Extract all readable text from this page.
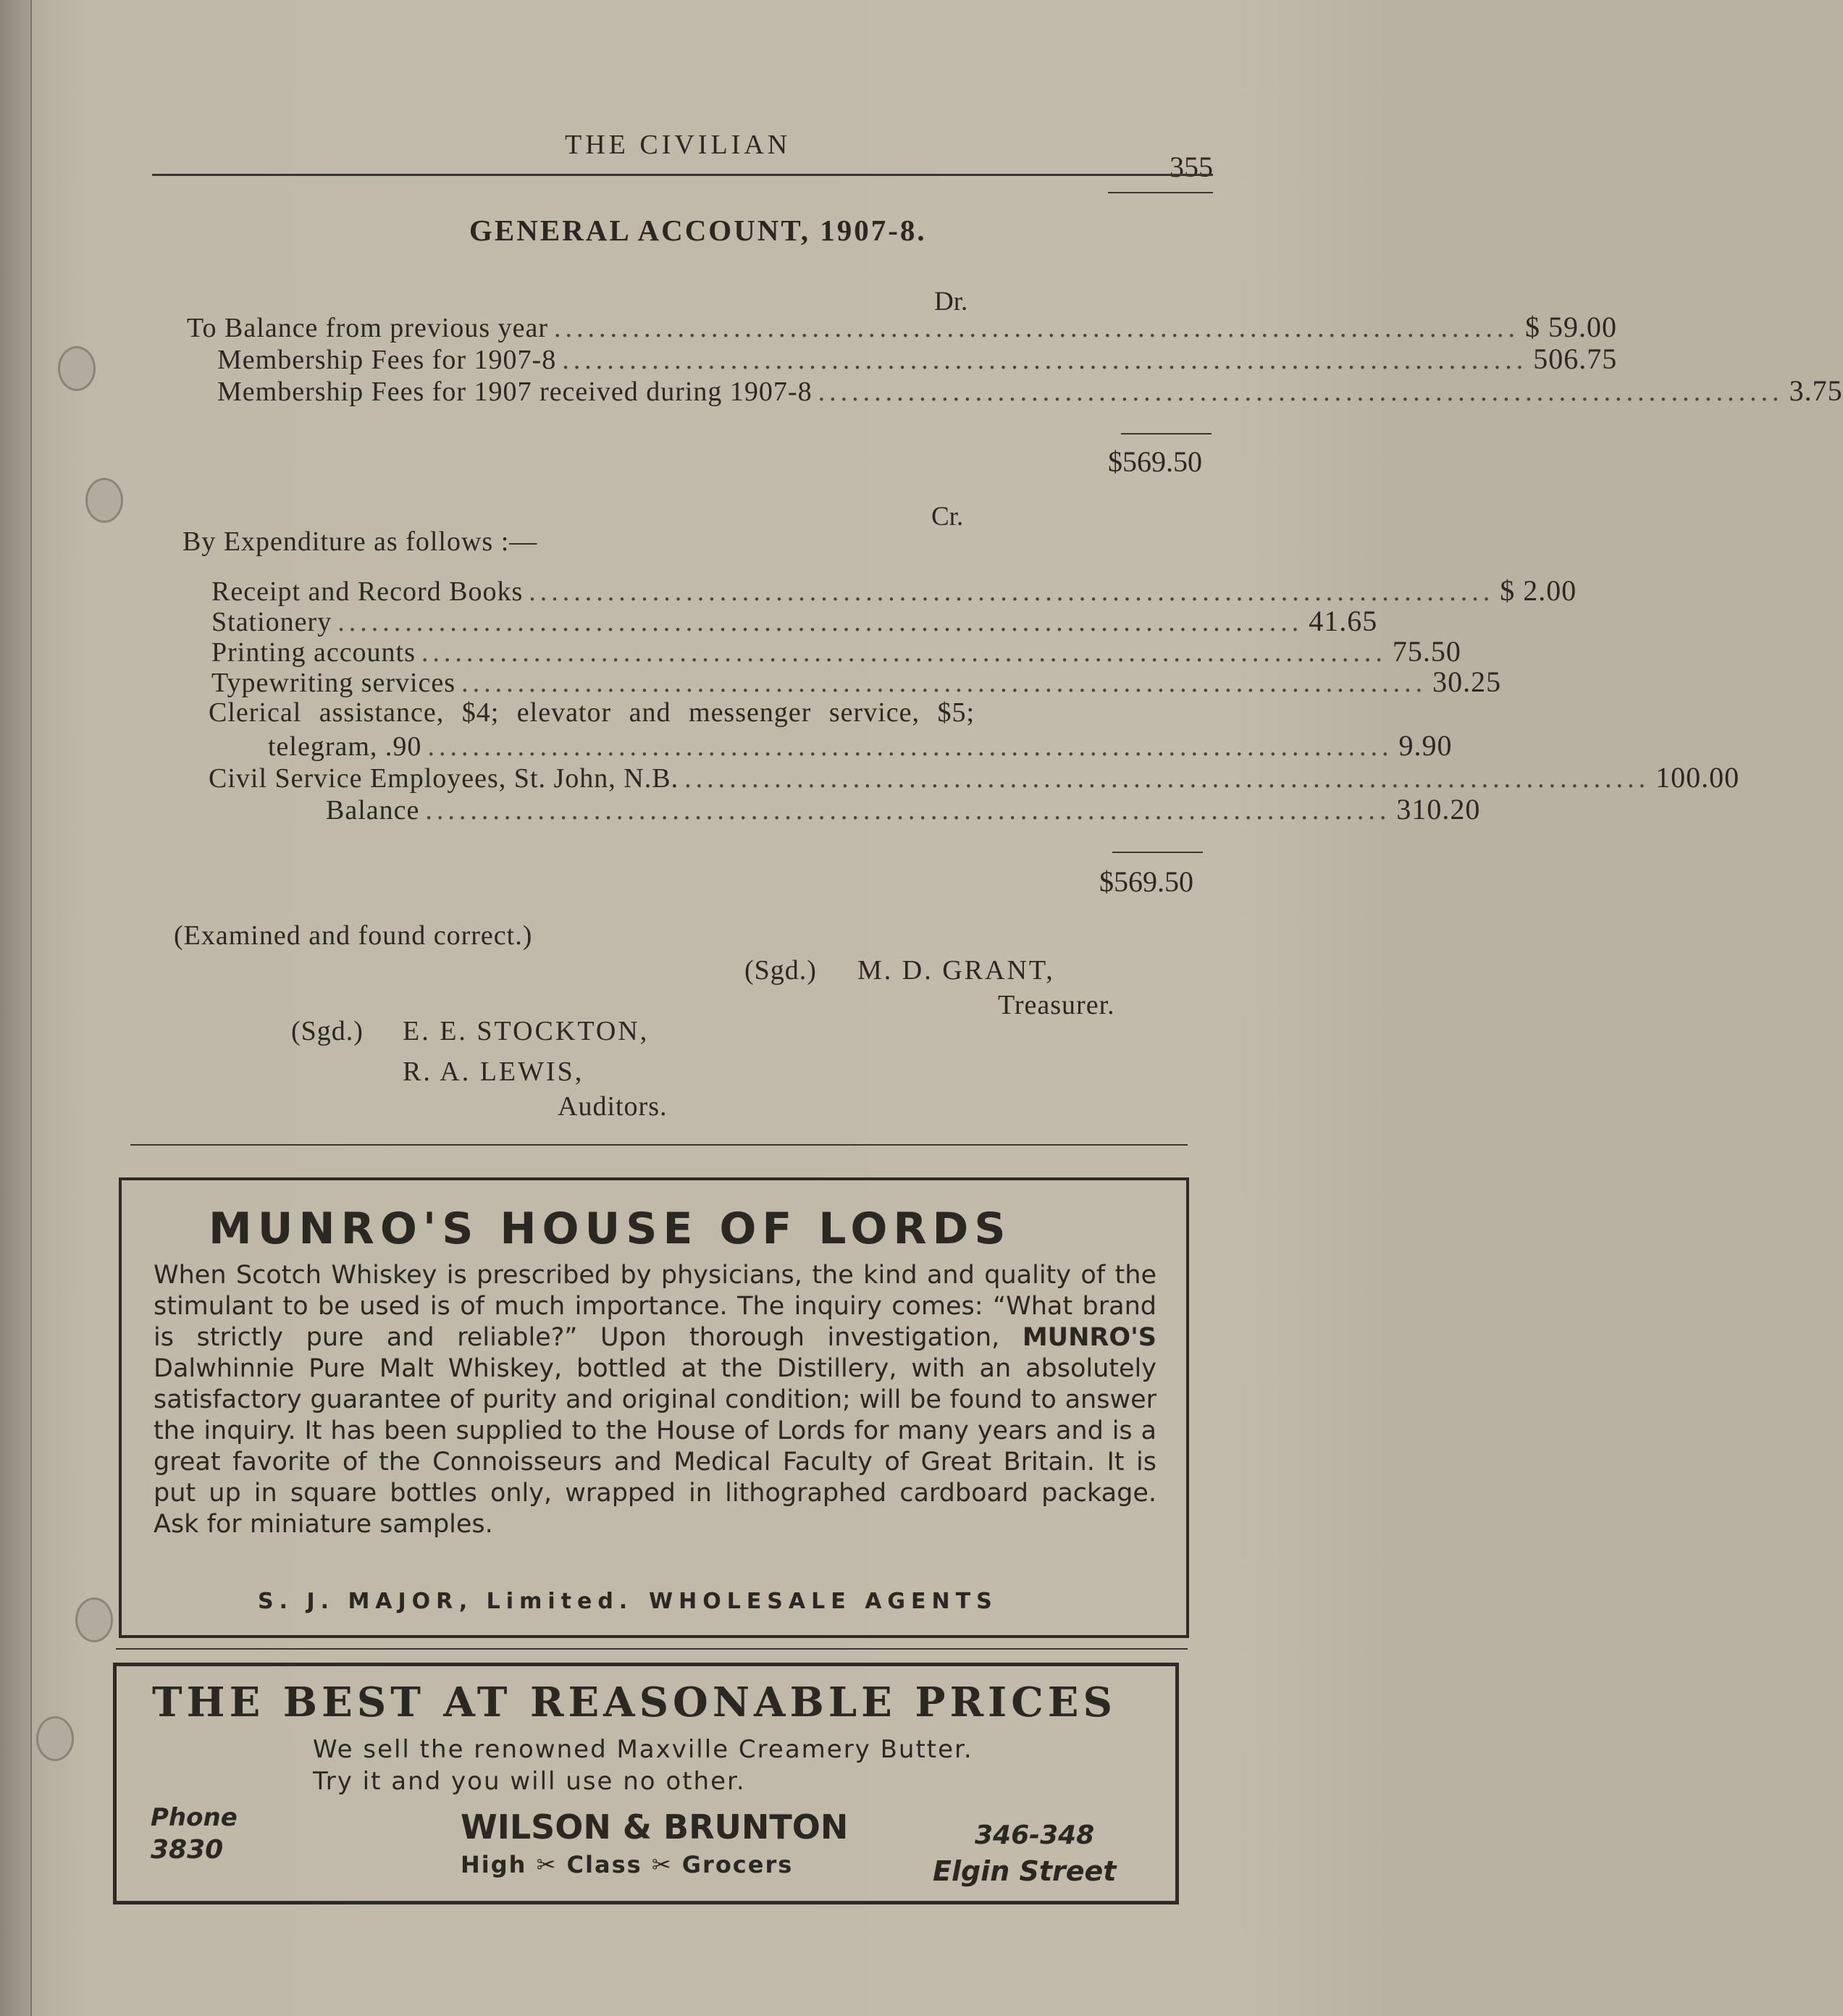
THE CIVILIAN
355
GENERAL ACCOUNT, 1907-8.
Dr.
To Balance from previous year ...................................................................................... $ 59.00
Membership Fees for 1907-8 ...................................................................................... 506.75
Membership Fees for 1907 received during 1907-8 ...................................................................................... 3.75
$569.50
Cr.
By Expenditure as follows :—
Receipt and Record Books ...................................................................................... $ 2.00
Stationery ...................................................................................... 41.65
Printing accounts ...................................................................................... 75.50
Typewriting services ...................................................................................... 30.25
Clerical assistance, $4; elevator and messenger service, $5;
telegram, .90 ...................................................................................... 9.90
Civil Service Employees, St. John, N.B. ...................................................................................... 100.00
Balance ...................................................................................... 310.20
$569.50
(Examined and found correct.)
(Sgd.) M. D. GRANT,
Treasurer.
(Sgd.) E. E. STOCKTON,
R. A. LEWIS,
Auditors.
MUNRO'S HOUSE OF LORDS
When Scotch Whiskey is prescribed by physicians, the kind and quality of the stimulant to be used is of much importance. The inquiry comes: “What brand is strictly pure and reliable?” Upon thorough investigation, MUNRO'S Dalwhinnie Pure Malt Whiskey, bottled at the Distillery, with an absolutely satisfactory guarantee of purity and original condition; will be found to answer the inquiry. It has been supplied to the House of Lords for many years and is a great favorite of the Connoisseurs and Medical Faculty of Great Britain. It is put up in square bottles only, wrapped in lithographed cardboard package. Ask for miniature samples.
S. J. MAJOR, Limited. WHOLESALE AGENTS
THE BEST AT REASONABLE PRICES
We sell the renowned Maxville Creamery Butter.
Try it and you will use no other.
Phone
3830
WILSON & BRUNTON
High ✂ Class ✂ Grocers
346-348
Elgin Street
